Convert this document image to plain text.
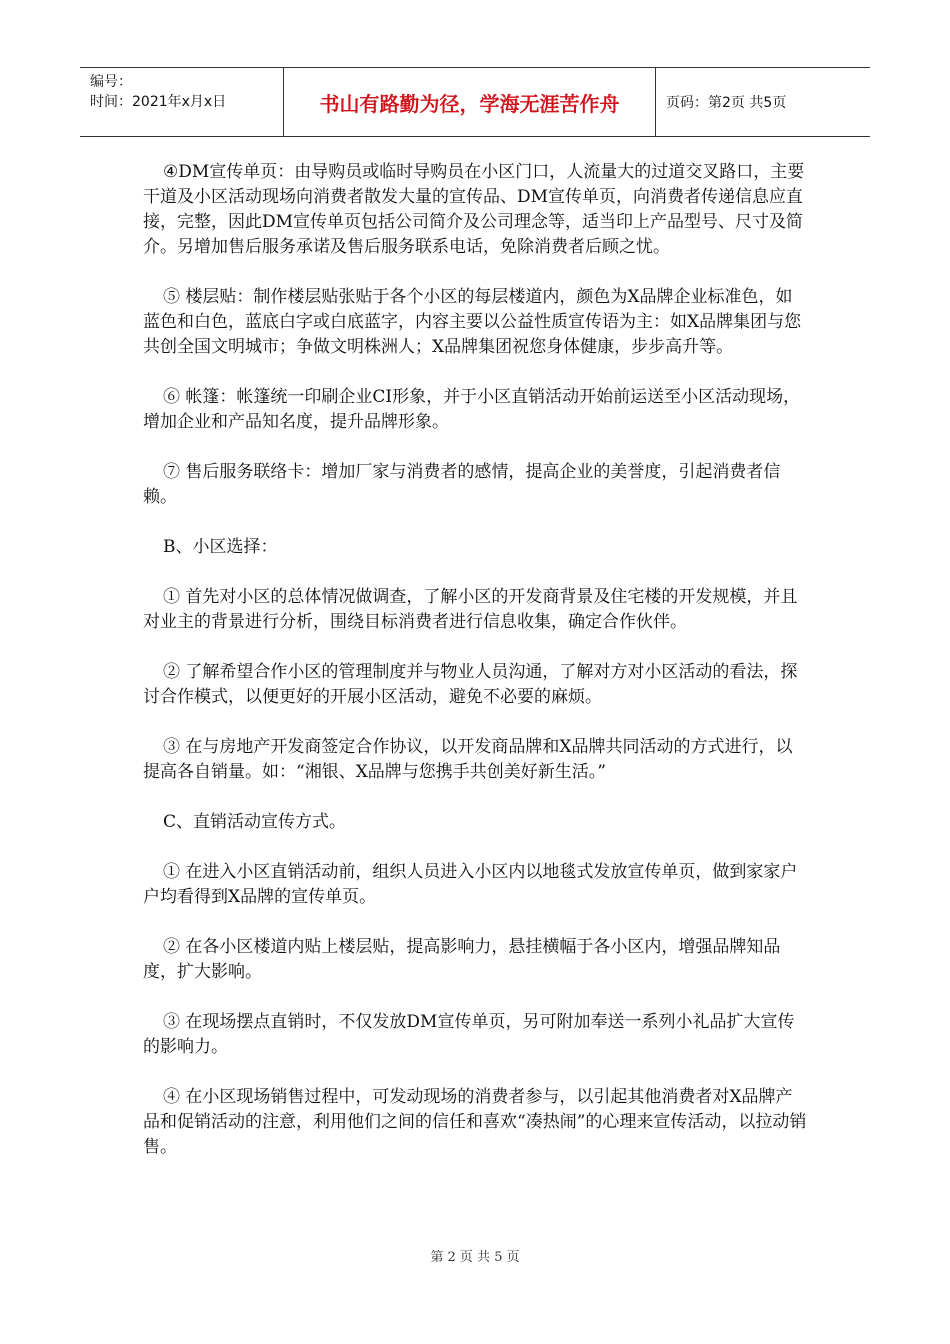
编号：
时间：2021年x月x日	书山有路勤为径，学海无涯苦作舟	页码：第2页 共5页

④DM宣传单页：由导购员或临时导购员在小区门口，人流量大的过道交叉路口，主要干道及小区活动现场向消费者散发大量的宣传品、DM宣传单页，向消费者传递信息应直接，完整，因此DM宣传单页包括公司简介及公司理念等，适当印上产品型号、尺寸及简介。另增加售后服务承诺及售后服务联系电话，免除消费者后顾之忧。

⑤ 楼层贴：制作楼层贴张贴于各个小区的每层楼道内，颜色为X品牌企业标准色，如蓝色和白色，蓝底白字或白底蓝字，内容主要以公益性质宣传语为主：如X品牌集团与您共创全国文明城市；争做文明株洲人；X品牌集团祝您身体健康，步步高升等。

⑥ 帐篷：帐篷统一印刷企业CI形象，并于小区直销活动开始前运送至小区活动现场，增加企业和产品知名度，提升品牌形象。

⑦ 售后服务联络卡：增加厂家与消费者的感情，提高企业的美誉度，引起消费者信赖。

B、小区选择：

① 首先对小区的总体情况做调查，了解小区的开发商背景及住宅楼的开发规模，并且对业主的背景进行分析，围绕目标消费者进行信息收集，确定合作伙伴。

② 了解希望合作小区的管理制度并与物业人员沟通，了解对方对小区活动的看法，探讨合作模式，以便更好的开展小区活动，避免不必要的麻烦。

③ 在与房地产开发商签定合作协议，以开发商品牌和X品牌共同活动的方式进行，以提高各自销量。如：“湘银、X品牌与您携手共创美好新生活。”

C、直销活动宣传方式。

① 在进入小区直销活动前，组织人员进入小区内以地毯式发放宣传单页，做到家家户户均看得到X品牌的宣传单页。

② 在各小区楼道内贴上楼层贴，提高影响力，悬挂横幅于各小区内，增强品牌知品度，扩大影响。

③ 在现场摆点直销时，不仅发放DM宣传单页，另可附加奉送一系列小礼品扩大宣传的影响力。

④ 在小区现场销售过程中，可发动现场的消费者参与，以引起其他消费者对X品牌产品和促销活动的注意，利用他们之间的信任和喜欢“凑热闹”的心理来宣传活动，以拉动销售。

第 2 页 共 5 页
